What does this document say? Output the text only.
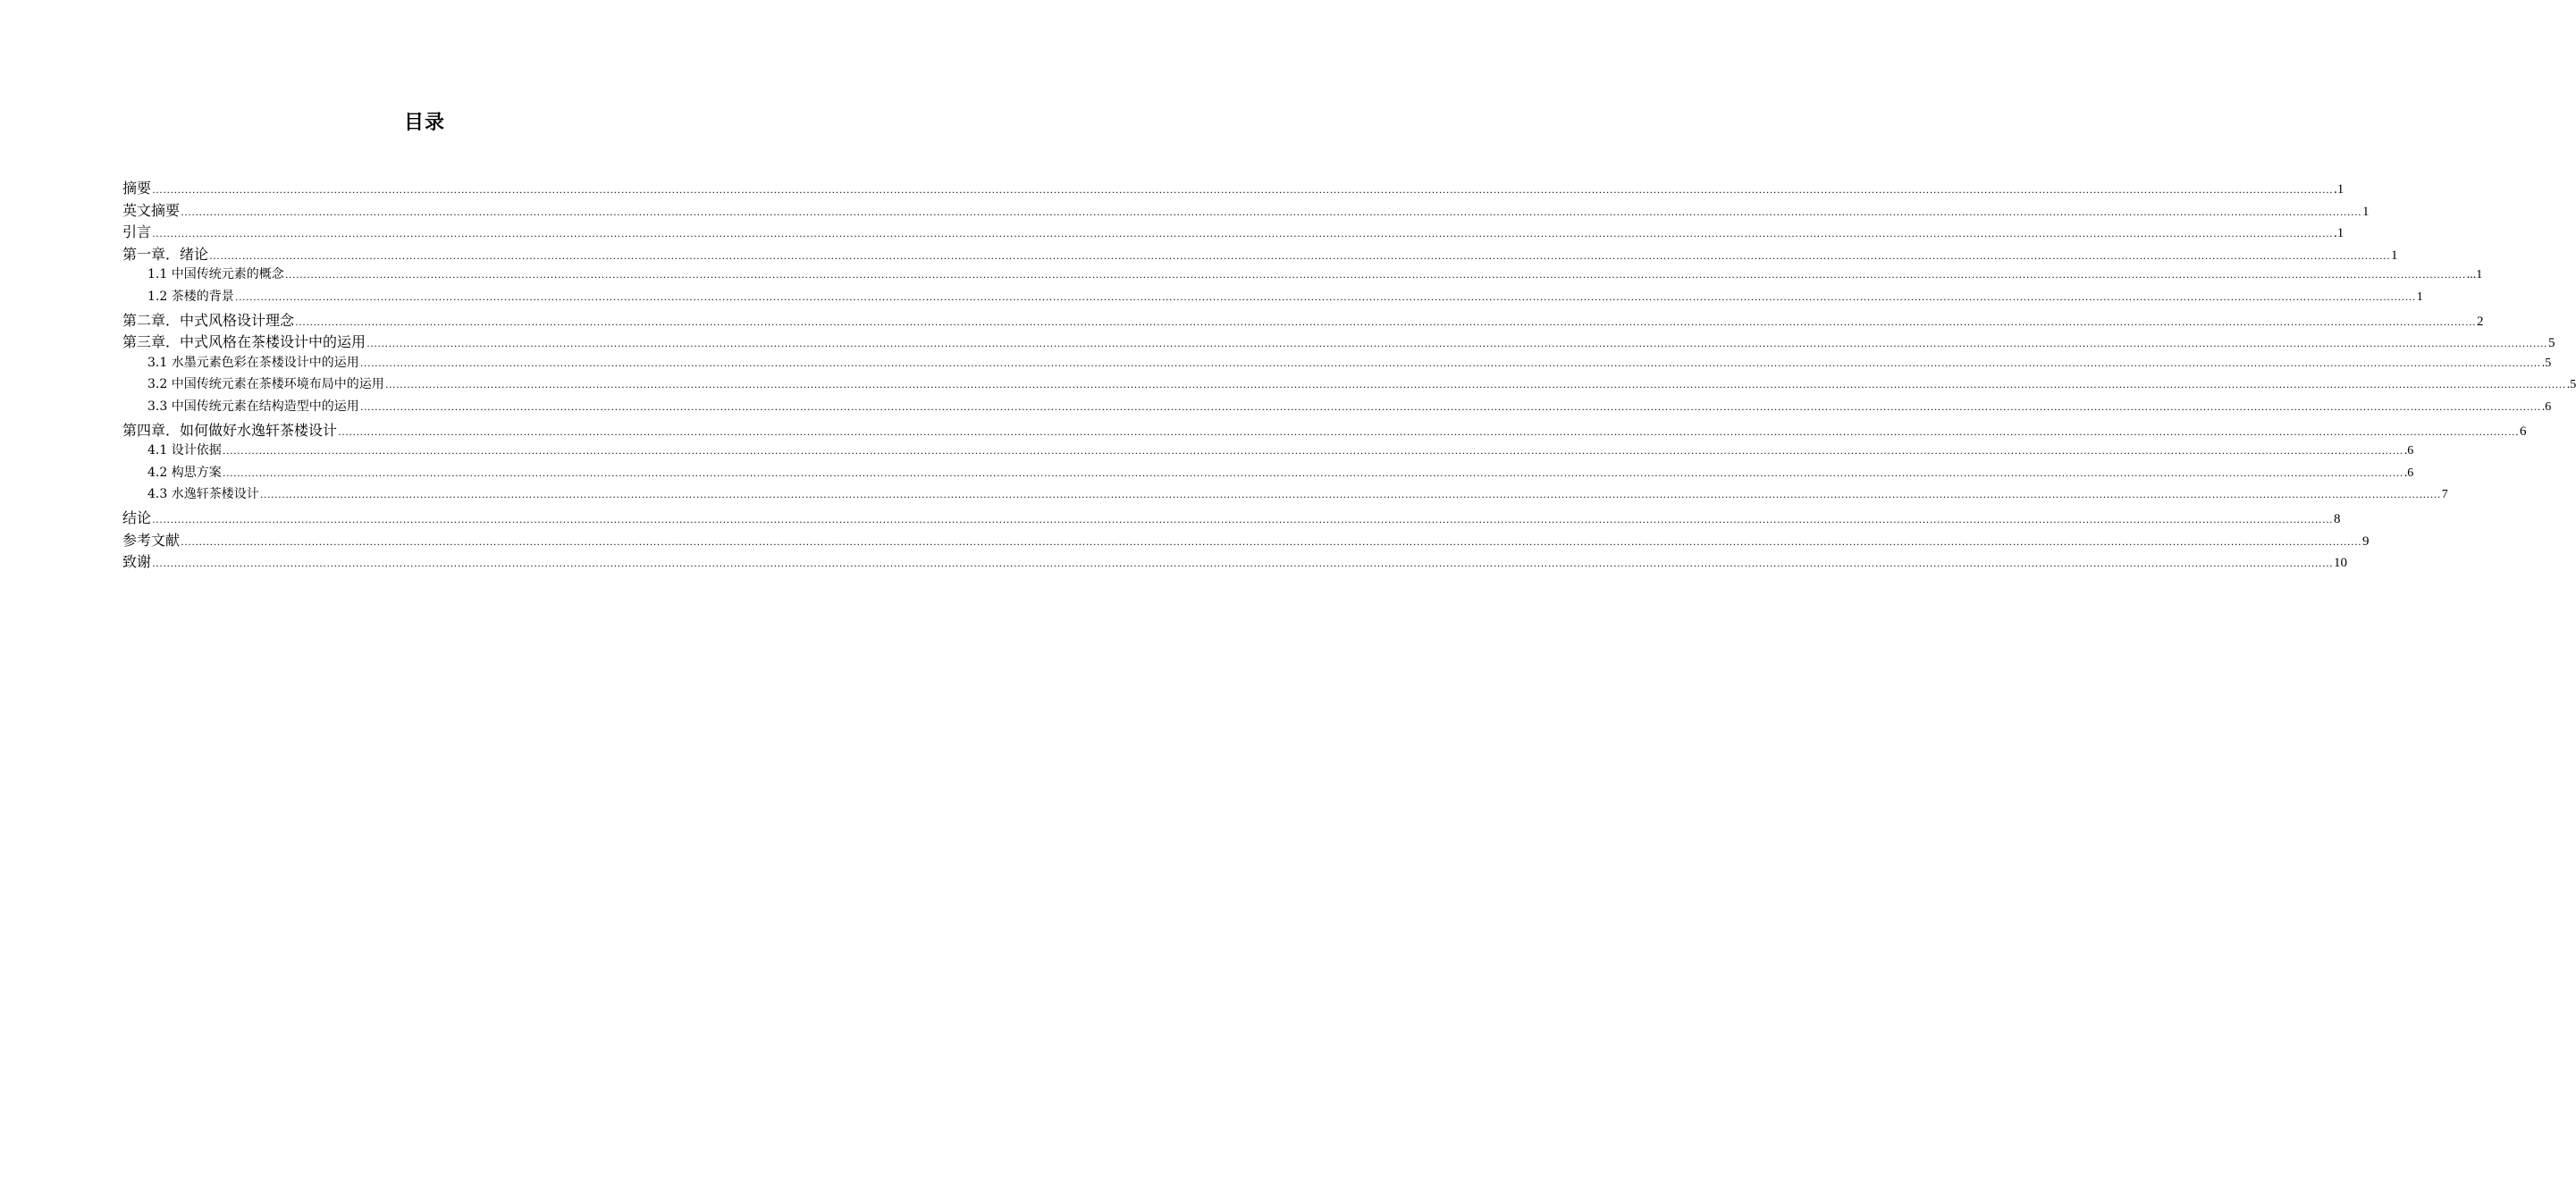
目录
摘要 …………………………………………………………………………………………………………………………………………………………………………………………………………………………………………………………………………………………………………………………………………………………………………………………………………………………………………………………………………………………………………………………………………………… .1
英文摘要 …………………………………………………………………………………………………………………………………………………………………………………………………………………………………………………………………………………………………………………………………………………………………………………………………………………………………………………………………………………………………………………………………………………… 1
引言 …………………………………………………………………………………………………………………………………………………………………………………………………………………………………………………………………………………………………………………………………………………………………………………………………………………………………………………………………………………………………………………………………………………… .1
第一章．绪论 …………………………………………………………………………………………………………………………………………………………………………………………………………………………………………………………………………………………………………………………………………………………………………………………………………………………………………………………………………………………………………………………………………………… 1
1.1 中国传统元素的概念 …………………………………………………………………………………………………………………………………………………………………………………………………………………………………………………………………………………………………………………………………………………………………………………………………………………………………………………………………………………………………………………………………………………… ...1
1.2 茶楼的背景 …………………………………………………………………………………………………………………………………………………………………………………………………………………………………………………………………………………………………………………………………………………………………………………………………………………………………………………………………………………………………………………………………………………… 1
第二章．中式风格设计理念 …………………………………………………………………………………………………………………………………………………………………………………………………………………………………………………………………………………………………………………………………………………………………………………………………………………………………………………………………………………………………………………………………………………… 2
第三章．中式风格在茶楼设计中的运用 …………………………………………………………………………………………………………………………………………………………………………………………………………………………………………………………………………………………………………………………………………………………………………………………………………………………………………………………………………………………………………………………………………………… 5
3.1 水墨元素色彩在茶楼设计中的运用 …………………………………………………………………………………………………………………………………………………………………………………………………………………………………………………………………………………………………………………………………………………………………………………………………………………………………………………………………………………………………………………………………………………… .5
3.2 中国传统元素在茶楼环境布局中的运用 …………………………………………………………………………………………………………………………………………………………………………………………………………………………………………………………………………………………………………………………………………………………………………………………………………………………………………………………………………………………………………………………………………………… .5
3.3 中国传统元素在结构造型中的运用 …………………………………………………………………………………………………………………………………………………………………………………………………………………………………………………………………………………………………………………………………………………………………………………………………………………………………………………………………………………………………………………………………………………… .6
第四章．如何做好水逸轩茶楼设计 …………………………………………………………………………………………………………………………………………………………………………………………………………………………………………………………………………………………………………………………………………………………………………………………………………………………………………………………………………………………………………………………………………………… 6
4.1 设计依据 …………………………………………………………………………………………………………………………………………………………………………………………………………………………………………………………………………………………………………………………………………………………………………………………………………………………………………………………………………………………………………………………………………………… .6
4.2 构思方案 …………………………………………………………………………………………………………………………………………………………………………………………………………………………………………………………………………………………………………………………………………………………………………………………………………………………………………………………………………………………………………………………………………………… .6
4.3 水逸轩茶楼设计 …………………………………………………………………………………………………………………………………………………………………………………………………………………………………………………………………………………………………………………………………………………………………………………………………………………………………………………………………………………………………………………………………………………… 7
结论 …………………………………………………………………………………………………………………………………………………………………………………………………………………………………………………………………………………………………………………………………………………………………………………………………………………………………………………………………………………………………………………………………………………… 8
参考文献 …………………………………………………………………………………………………………………………………………………………………………………………………………………………………………………………………………………………………………………………………………………………………………………………………………………………………………………………………………………………………………………………………………………… 9
致谢 …………………………………………………………………………………………………………………………………………………………………………………………………………………………………………………………………………………………………………………………………………………………………………………………………………………………………………………………………………………………………………………………………………………… 10
